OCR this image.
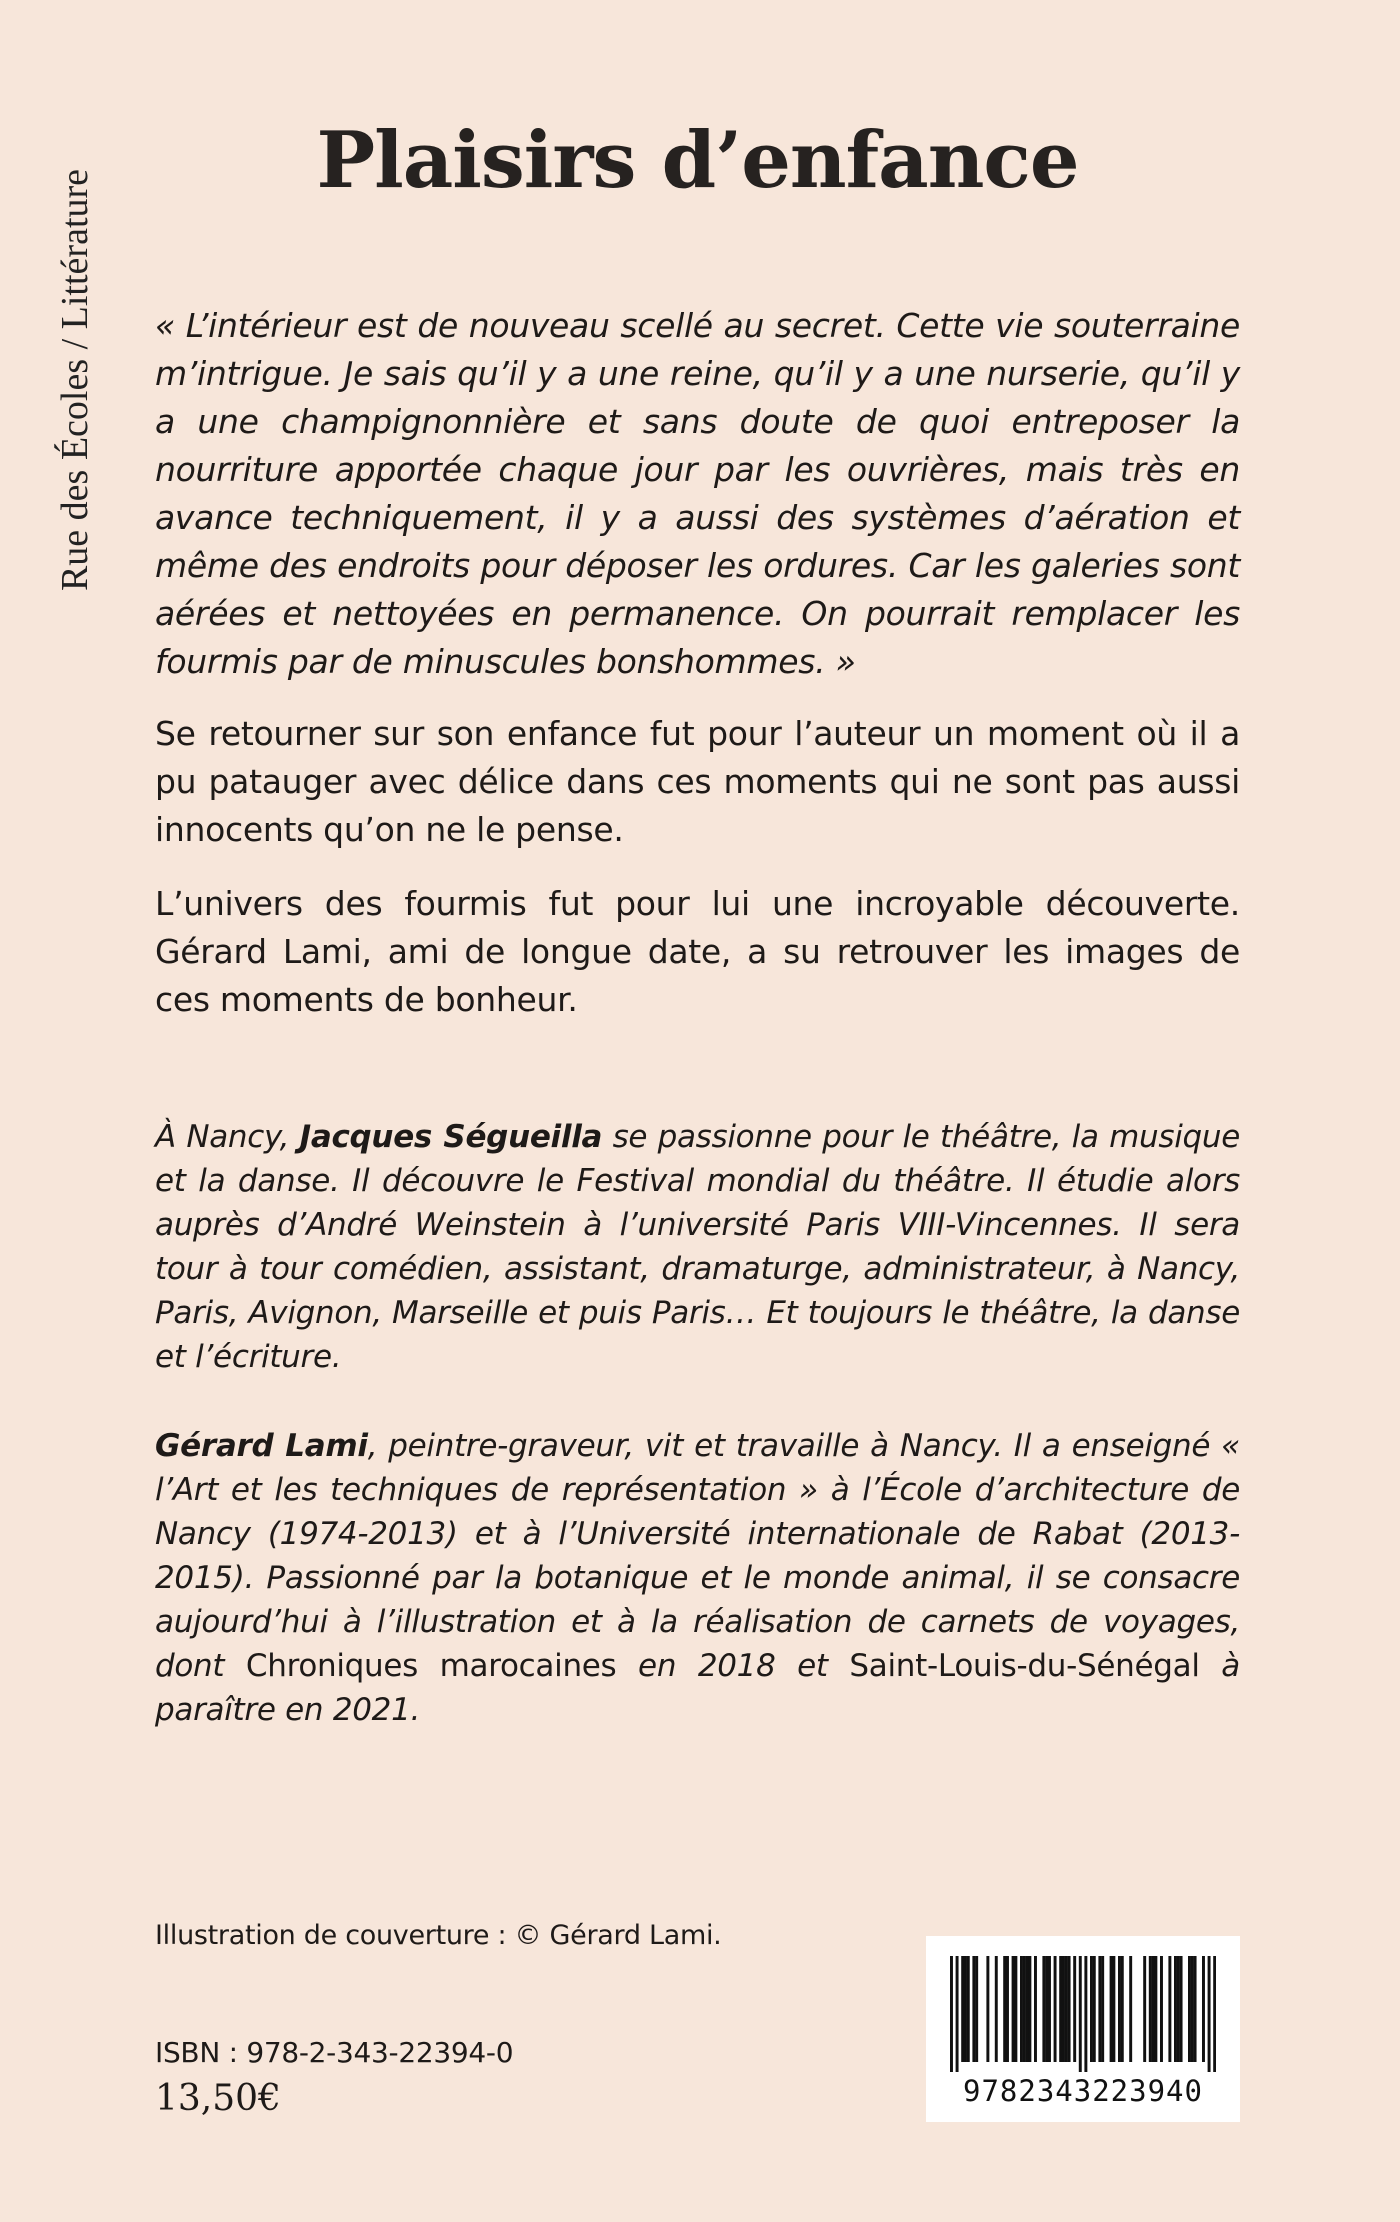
Rue des Écoles / Littérature
Plaisirs d’enfance

« L’intérieur est de nouveau scellé au secret. Cette vie souterraine m’intrigue. Je sais qu’il y a une reine, qu’il y a une nurserie, qu’il y a une champignonnière et sans doute de quoi entreposer la nourriture apportée chaque jour par les ouvrières, mais très en avance techniquement, il y a aussi des systèmes d’aération et même des endroits pour déposer les ordures. Car les galeries sont aérées et nettoyées en permanence. On pourrait remplacer les fourmis par de minuscules bonshommes. »

Se retourner sur son enfance fut pour l’auteur un moment où il a pu patauger avec délice dans ces moments qui ne sont pas aussi innocents qu’on ne le pense.

L’univers des fourmis fut pour lui une incroyable découverte. Gérard Lami, ami de longue date, a su retrouver les images de ces moments de bonheur.

À Nancy, Jacques Ségueilla se passionne pour le théâtre, la musique et la danse. Il découvre le Festival mondial du théâtre. Il étudie alors auprès d’André Weinstein à l’université Paris VIII-Vincennes. Il sera tour à tour comédien, assistant, dramaturge, administrateur, à Nancy, Paris, Avignon, Marseille et puis Paris… Et toujours le théâtre, la danse et l’écriture.

Gérard Lami, peintre-graveur, vit et travaille à Nancy. Il a enseigné « l’Art et les techniques de représentation » à l’École d’architecture de Nancy (1974-2013) et à l’Université internationale de Rabat (2013-2015). Passionné par la botanique et le monde animal, il se consacre aujourd’hui à l’illustration et à la réalisation de carnets de voyages, dont Chroniques marocaines en 2018 et Saint-Louis-du-Sénégal à paraître en 2021.

Illustration de couverture : © Gérard Lami.
ISBN : 978-2-343-22394-0
13,50€	9782343223940
